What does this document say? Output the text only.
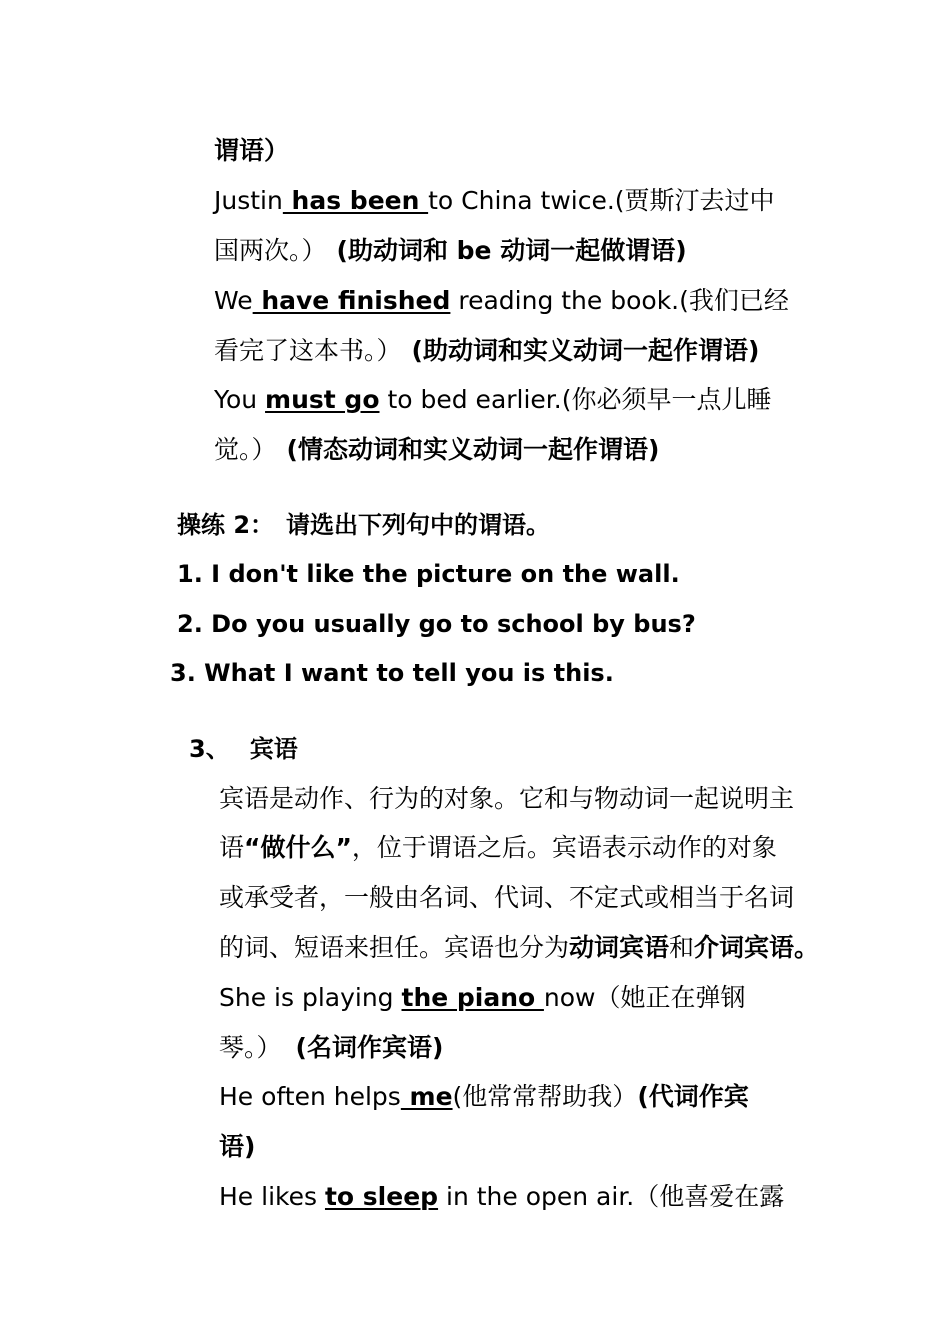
谓语）
Justin has been to China twice.(贾斯汀去过中
国两次。） (助动词和 be 动词一起做谓语)
We have finished reading the book.(我们已经
看完了这本书。） (助动词和实义动词一起作谓语)
You must go to bed earlier.(你必须早一点儿睡
觉。） (情态动词和实义动词一起作谓语)
操练 2：　请选出下列句中的谓语。
1. I don't like the picture on the wall.
2. Do you usually go to school by bus?
3. What I want to tell you is this.
3、 宾语
宾语是动作、行为的对象。它和与物动词一起说明主
语“做什么”，位于谓语之后。宾语表示动作的对象
或承受者，一般由名词、代词、不定式或相当于名词
的词、短语来担任。宾语也分为动词宾语和介词宾语。
She is playing the piano now（她正在弹钢
琴。） (名词作宾语)
He often helps me(他常常帮助我）(代词作宾
语)
He likes to sleep in the open air.（他喜爱在露
